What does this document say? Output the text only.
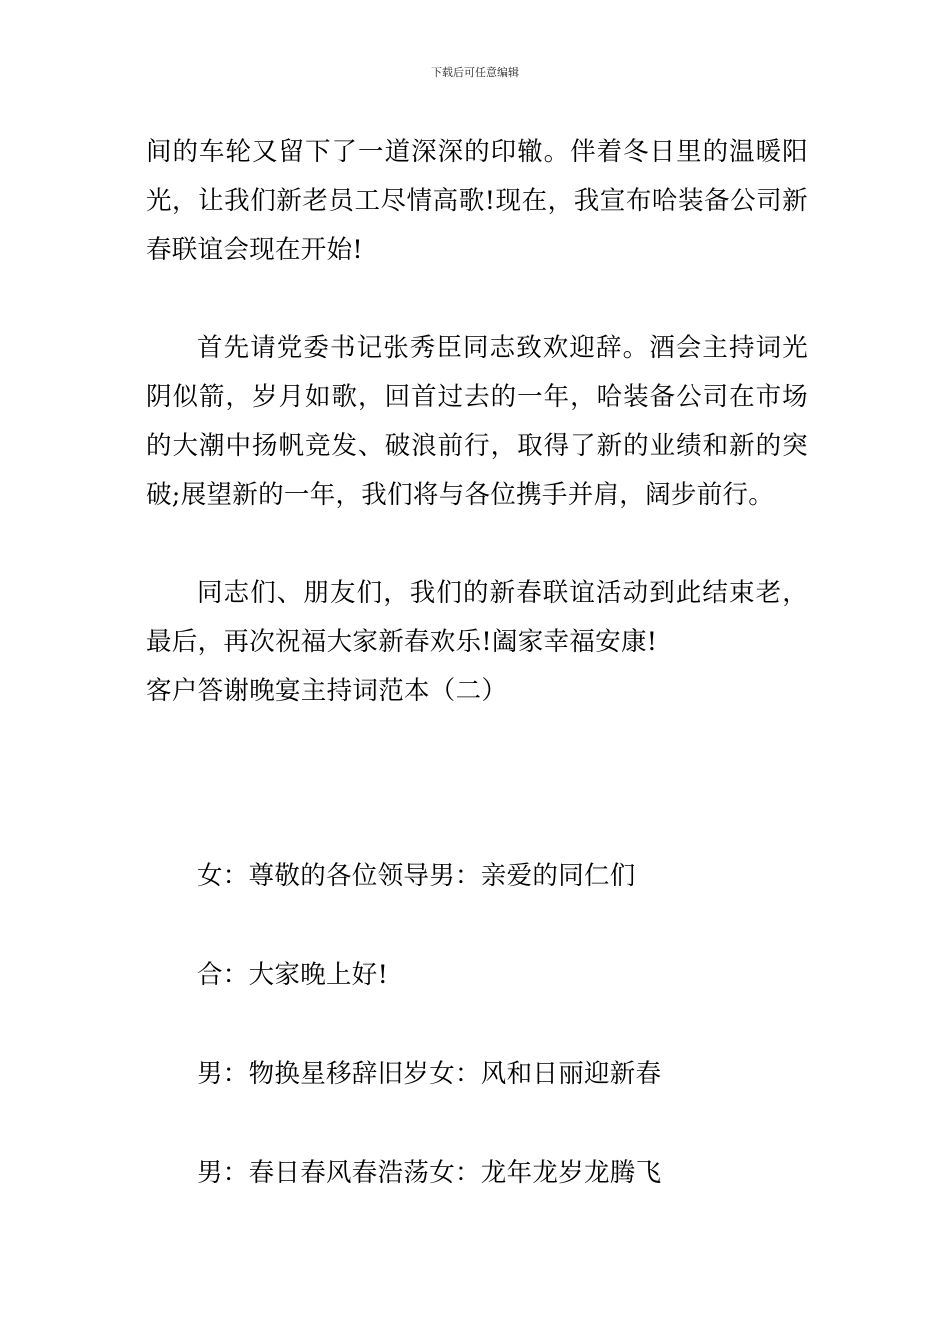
下载后可任意编辑

间的车轮又留下了一道深深的印辙。伴着冬日里的温暖阳光，让我们新老员工尽情高歌!现在，我宣布哈装备公司新春联谊会现在开始!

首先请党委书记张秀臣同志致欢迎辞。酒会主持词光阴似箭，岁月如歌，回首过去的一年，哈装备公司在市场的大潮中扬帆竞发、破浪前行，取得了新的业绩和新的突破;展望新的一年，我们将与各位携手并肩，阔步前行。

同志们、朋友们，我们的新春联谊活动到此结束老，最后，再次祝福大家新春欢乐!阖家幸福安康!

客户答谢晚宴主持词范本（二）

女：尊敬的各位领导男：亲爱的同仁们

合：大家晚上好!

男：物换星移辞旧岁女：风和日丽迎新春

男：春日春风春浩荡女：龙年龙岁龙腾飞
